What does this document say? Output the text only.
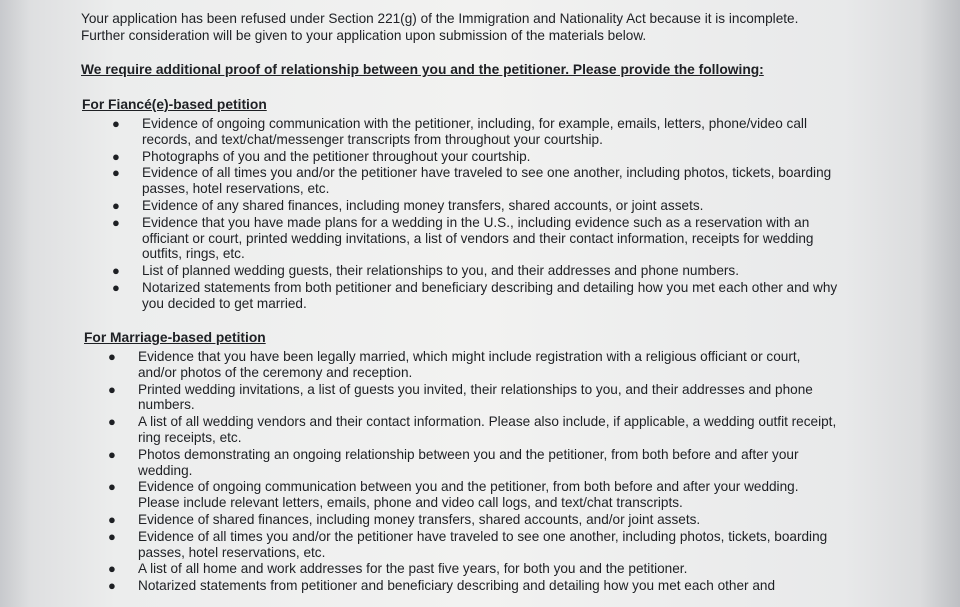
Your application has been refused under Section 221(g) of the Immigration and Nationality Act because it is incomplete. Further consideration will be given to your application upon submission of the materials below.

We require additional proof of relationship between you and the petitioner. Please provide the following:

For Fiancé(e)-based petition
● Evidence of ongoing communication with the petitioner, including, for example, emails, letters, phone/video call records, and text/chat/messenger transcripts from throughout your courtship.
● Photographs of you and the petitioner throughout your courtship.
● Evidence of all times you and/or the petitioner have traveled to see one another, including photos, tickets, boarding passes, hotel reservations, etc.
● Evidence of any shared finances, including money transfers, shared accounts, or joint assets.
● Evidence that you have made plans for a wedding in the U.S., including evidence such as a reservation with an officiant or court, printed wedding invitations, a list of vendors and their contact information, receipts for wedding outfits, rings, etc.
● List of planned wedding guests, their relationships to you, and their addresses and phone numbers.
● Notarized statements from both petitioner and beneficiary describing and detailing how you met each other and why you decided to get married.
For Marriage-based petition
● Evidence that you have been legally married, which might include registration with a religious officiant or court, and/or photos of the ceremony and reception.
● Printed wedding invitations, a list of guests you invited, their relationships to you, and their addresses and phone numbers.
● A list of all wedding vendors and their contact information. Please also include, if applicable, a wedding outfit receipt, ring receipts, etc.
● Photos demonstrating an ongoing relationship between you and the petitioner, from both before and after your wedding.
● Evidence of ongoing communication between you and the petitioner, from both before and after your wedding. Please include relevant letters, emails, phone and video call logs, and text/chat transcripts.
● Evidence of shared finances, including money transfers, shared accounts, and/or joint assets.
● Evidence of all times you and/or the petitioner have traveled to see one another, including photos, tickets, boarding passes, hotel reservations, etc.
● A list of all home and work addresses for the past five years, for both you and the petitioner.
● Notarized statements from petitioner and beneficiary describing and detailing how you met each other and
